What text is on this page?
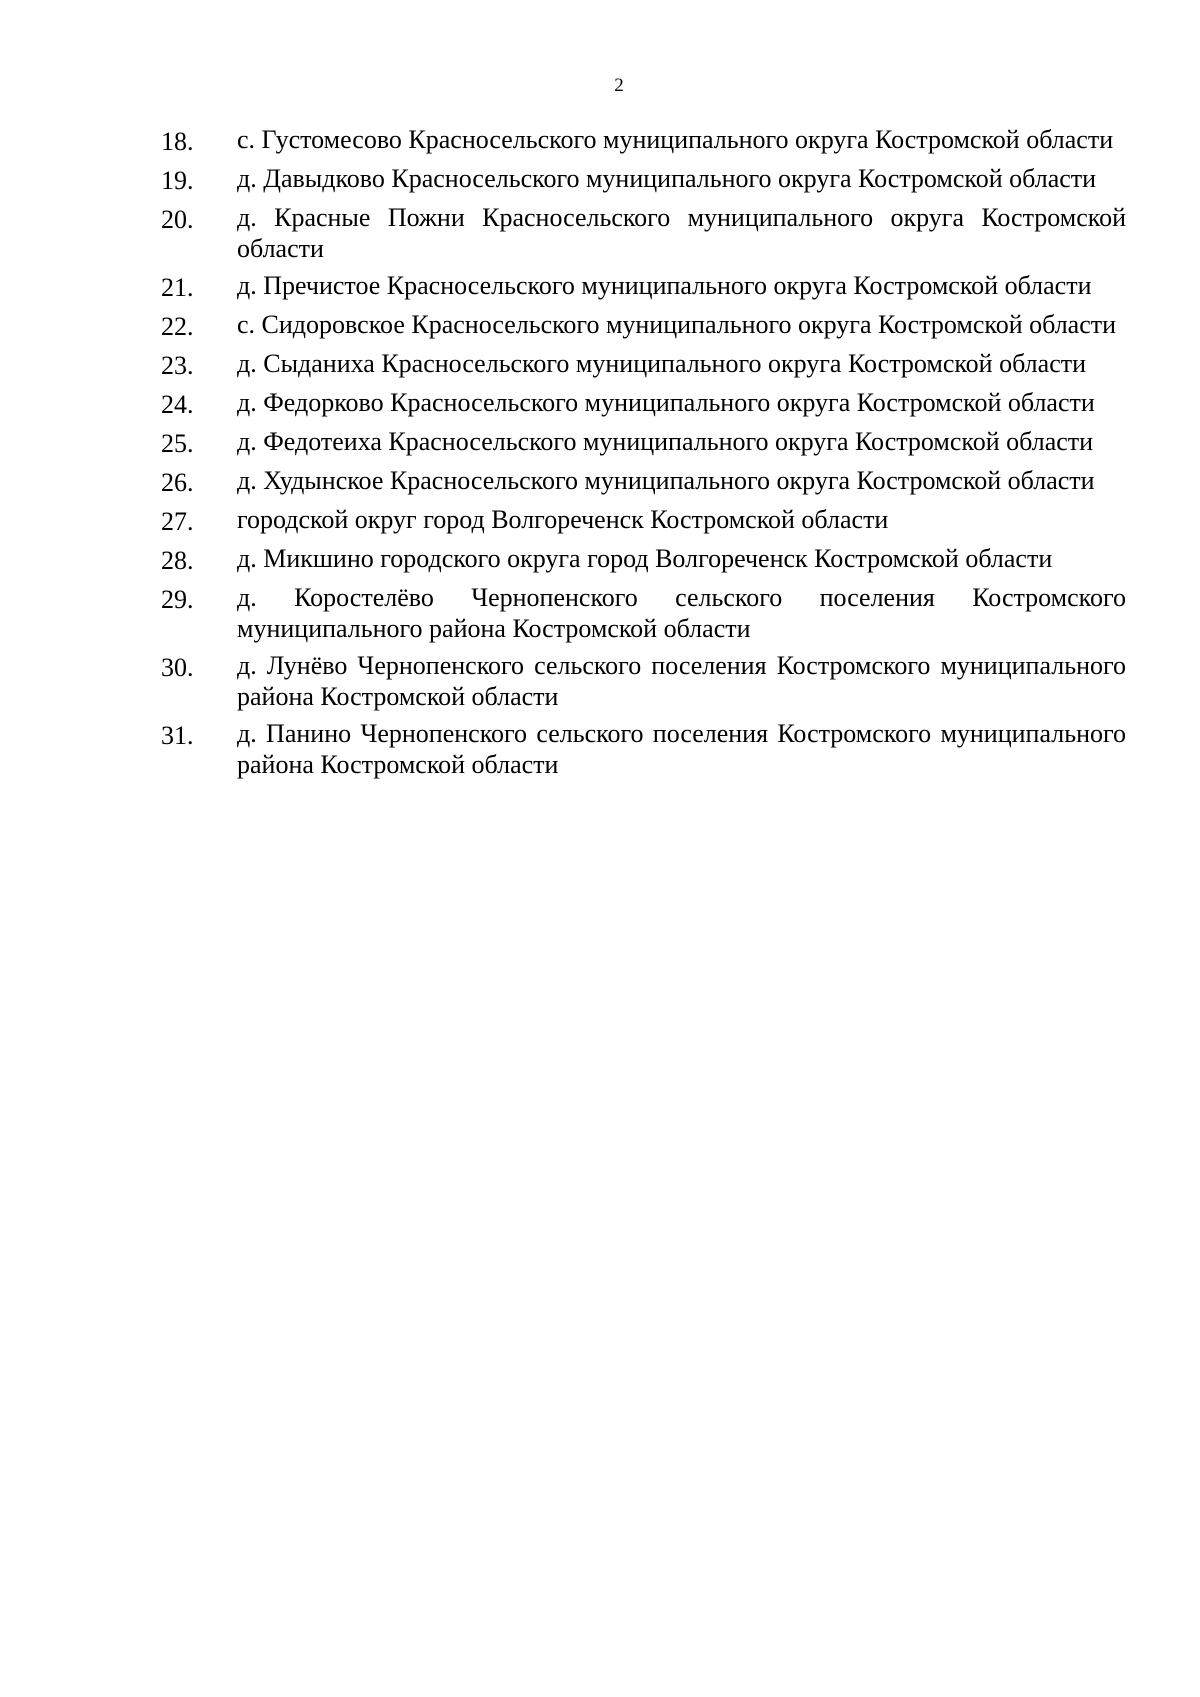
2
18.	с. Густомесово Красносельского муниципального округа Костромской области
19.	д. Давыдково Красносельского муниципального округа Костромской области
20.	д. Красные Пожни Красносельского муниципального округа Костромской области
21.	д. Пречистое Красносельского муниципального округа Костромской области
22.	с. Сидоровское Красносельского муниципального округа Костромской области
23.	д. Сыданиха Красносельского муниципального округа Костромской области
24.	д. Федорково Красносельского муниципального округа Костромской области
25.	д. Федотеиха Красносельского муниципального округа Костромской области
26.	д. Худынское Красносельского муниципального округа Костромской области
27.	городской округ город Волгореченск Костромской области
28.	д. Микшино городского округа город Волгореченск Костромской области
29.	д. Коростелёво Чернопенского сельского поселения Костромского муниципального района Костромской области
30.	д. Лунёво Чернопенского сельского поселения Костромского муниципального района Костромской области
31.	д. Панино Чернопенского сельского поселения Костромского муниципального района Костромской области
